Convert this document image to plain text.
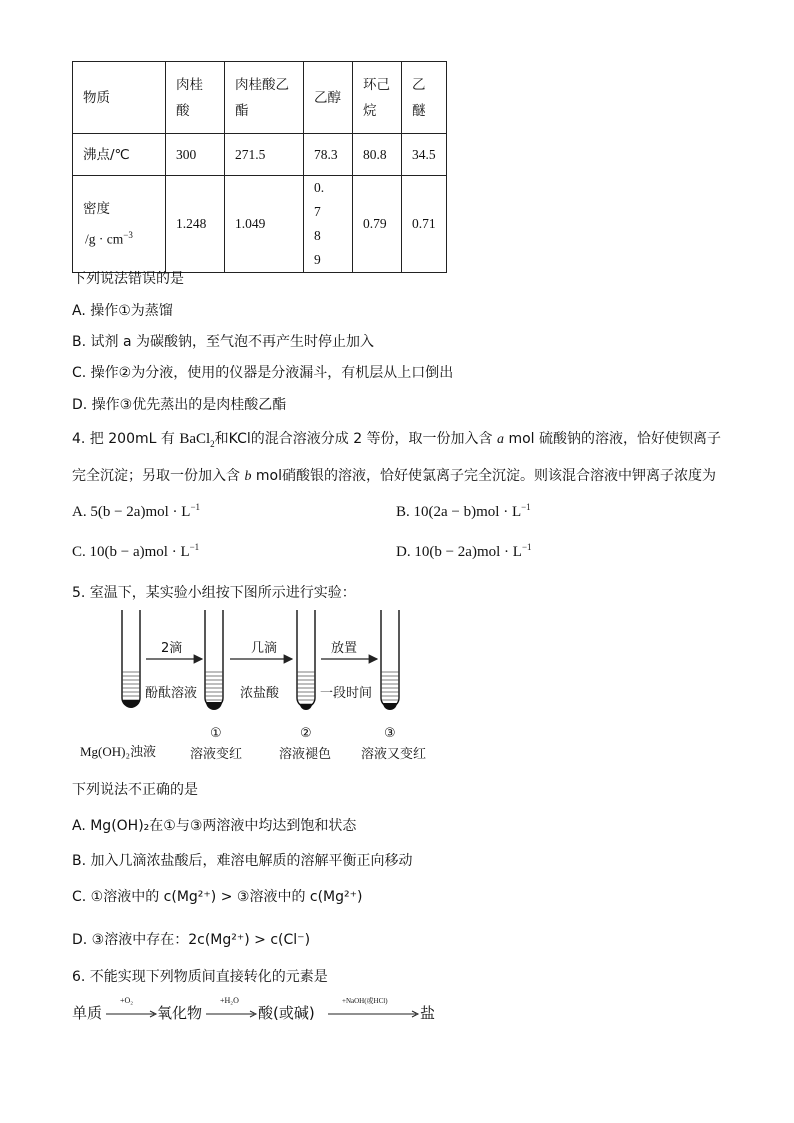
物质	肉桂酸	肉桂酸乙酯	乙醇	环己烷	乙醚

沸点/℃	300	271.5	78.3	80.8	34.5

密度
$/g \cdot cm^{-3}$	1.248	1.049	0.789	0.79	0.71
下列说法错误的是
A. 操作①为蒸馏
B. 试剂 a 为碳酸钠，至气泡不再产生时停止加入
C. 操作②为分液，使用的仪器是分液漏斗，有机层从上口倒出
D. 操作③优先蒸出的是肉桂酸乙酯
4. 把 200mL 有 BaCl$_2$和KCl的混合溶液分成 2 等份，取一份加入含 a mol 硫酸钠的溶液，恰好使钡离子
完全沉淀；另取一份加入含 b mol硝酸银的溶液，恰好使氯离子完全沉淀。则该混合溶液中钾离子浓度为
A. $5(b - 2a)mol \cdot L^{-1}$	B. $10(2a - b)mol \cdot L^{-1}$
C. $10(b - a)mol \cdot L^{-1}$	D. $10(b - 2a)mol \cdot L^{-1}$
5. 室温下，某实验小组按下图所示进行实验：
2滴
酚酞溶液
几滴
浓盐酸
放置
一段时间
Mg(OH)₂浊液
①
溶液变红
②
溶液褪色
③
溶液又变红
下列说法不正确的是
A. Mg(OH)₂在①与③两溶液中均达到饱和状态
B. 加入几滴浓盐酸后，难溶电解质的溶解平衡正向移动
C. ①溶液中的 c(Mg²⁺) > ③溶液中的 c(Mg²⁺)
D. ③溶液中存在：2c(Mg²⁺) > c(Cl⁻)
6. 不能实现下列物质间直接转化的元素是
单质
+O₂
氧化物
+H₂O
酸(或碱)
+NaOH(或HCl)
盐
